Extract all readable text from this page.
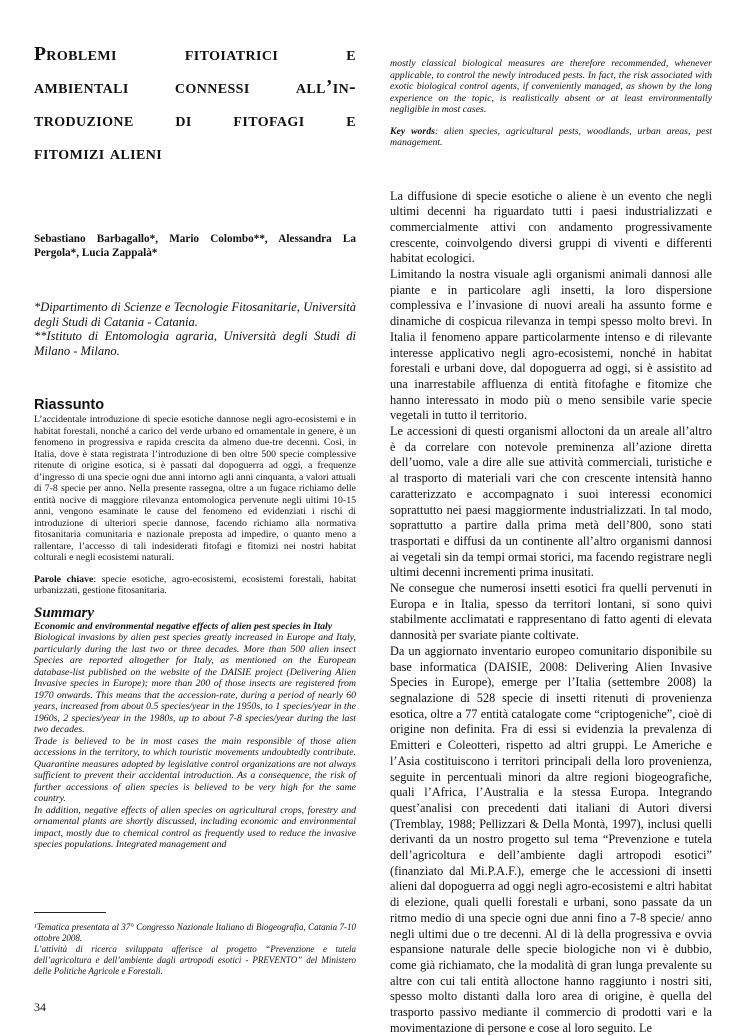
Problemi fitoiatrici e
ambientali connessi all’in-
troduzione di fitofagi e
fitomizi alieni

Sebastiano Barbagallo*, Mario Colombo**, Alessandra La Pergola*, Lucia Zappalà*

*Dipartimento di Scienze e Tecnologie Fitosanitarie, Università degli Studi di Catania - Catania.

**Istituto di Entomologia agraria, Università degli Studi di Milano - Milano.

Riassunto

L’accidentale introduzione di specie esotiche dannose negli agro-ecosistemi e in habitat forestali, nonché a carico del verde urbano ed ornamentale in genere, è un fenomeno in progressiva e rapida crescita da almeno due-tre decenni. Così, in Italia, dove è stata registrata l’introduzione di ben oltre 500 specie complessive ritenute di origine esotica, si è passati dal dopoguerra ad oggi, a frequenze d’ingresso di una specie ogni due anni intorno agli anni cinquanta, a valori attuali di 7-8 specie per anno. Nella presente rassegna, oltre a un fugace richiamo delle entità nocive di maggiore rilevanza entomologica pervenute negli ultimi 10-15 anni, vengono esaminate le cause del fenomeno ed evidenziati i rischi di introduzione di ulteriori specie dannose, facendo richiamo alla normativa fitosanitaria comunitaria e nazionale preposta ad impedire, o quanto meno a rallentare, l’accesso di tali indesiderati fitofagi e fitomizi nei nostri habitat colturali e negli ecosistemi naturali.

Parole chiave: specie esotiche, agro-ecosistemi, ecosistemi forestali, habitat urbanizzati, gestione fitosanitaria.

Summary

Economic and environmental negative effects of alien pest species in Italy

Biological invasions by alien pest species greatly increased in Europe and Italy, particularly during the last two or three decades. More than 500 alien insect Species are reported altogether for Italy, as mentioned on the European database-list published on the website of the DAISIE project (Delivering Alien Invasive species in Europe); more than 200 of those insects are registered from 1970 onwards. This means that the accession-rate, during a period of nearly 60 years, increased from about 0.5 species/year in the 1950s, to 1 species/year in the 1960s, 2 species/year in the 1980s, up to about 7-8 species/year during the last two decades.

Trade is believed to be in most cases the main responsible of those alien accessions in the territory, to which touristic movements undoubtedly contribute. Quarantine measures adopted by legislative control organizations are not always sufficient to prevent their accidental introduction. As a consequence, the risk of further accessions of alien species is believed to be very high for the same country.

In addition, negative effects of alien species on agricultural crops, forestry and ornamental plants are shortly discussed, including economic and environmental impact, mostly due to chemical control as frequently used to reduce the invasive species populations. Integrated management and

¹Tematica presentata al 37° Congresso Nazionale Italiano di Biogeografia, Catania 7-10 ottobre 2008.

L’attività di ricerca sviluppata afferisce al progetto “Prevenzione e tutela dell’agricoltura e dell’ambiente dagli artropodi esotici - PREVENTO” del Ministero delle Politiche Agricole e Forestali.

34

mostly classical biological measures are therefore recommended, whenever applicable, to control the newly introduced pests. In fact, the risk associated with exotic biological control agents, if conveniently managed, as shown by the long experience on the topic, is realistically absent or at least environmentally negligible in most cases.

Key words: alien species, agricultural pests, woodlands, urban areas, pest management.

La diffusione di specie esotiche o aliene è un evento che negli ultimi decenni ha riguardato tutti i paesi industrializzati e commercialmente attivi con andamento progressivamente crescente, coinvolgendo diversi gruppi di viventi e differenti habitat ecologici.

Limitando la nostra visuale agli organismi animali dannosi alle piante e in particolare agli insetti, la loro dispersione complessiva e l’invasione di nuovi areali ha assunto forme e dinamiche di cospicua rilevanza in tempi spesso molto brevi. In Italia il fenomeno appare particolarmente intenso e di rilevante interesse applicativo negli agro-ecosistemi, nonché in habitat forestali e urbani dove, dal dopoguerra ad oggi, si è assistito ad una inarrestabile affluenza di entità fitofaghe e fitomize che hanno interessato in modo più o meno sensibile varie specie vegetali in tutto il territorio.

Le accessioni di questi organismi alloctoni da un areale all’altro è da correlare con notevole preminenza all’azione diretta dell’uomo, vale a dire alle sue attività commerciali, turistiche e al trasporto di materiali vari che con crescente intensità hanno caratterizzato e accompagnato i suoi interessi economici soprattutto nei paesi maggiormente industrializzati. In tal modo, soprattutto a partire dalla prima metà dell’800, sono stati trasportati e diffusi da un continente all’altro organismi dannosi ai vegetali sin da tempi ormai storici, ma facendo registrare negli ultimi decenni incrementi prima inusitati.

Ne consegue che numerosi insetti esotici fra quelli pervenuti in Europa e in Italia, spesso da territori lontani, si sono quivi stabilmente acclimatati e rappresentano di fatto agenti di elevata dannosità per svariate piante coltivate.

Da un aggiornato inventario europeo comunitario disponibile su base informatica (DAISIE, 2008: Delivering Alien Invasive Species in Europe), emerge per l’Italia (settembre 2008) la segnalazione di 528 specie di insetti ritenuti di provenienza esotica, oltre a 77 entità catalogate come “criptogeniche”, cioè di origine non definita. Fra di essi si evidenzia la prevalenza di Emitteri e Coleotteri, rispetto ad altri gruppi. Le Americhe e l’Asia costituiscono i territori principali della loro provenienza, seguite in percentuali minori da altre regioni biogeografiche, quali l’Africa, l’Australia e la stessa Europa. Integrando quest’analisi con precedenti dati italiani di Autori diversi (Tremblay, 1988; Pellizzari & Della Montà, 1997), inclusi quelli derivanti da un nostro progetto sul tema “Prevenzione e tutela dell’agricoltura e dell’ambiente dagli artropodi esotici” (finanziato dal Mi.P.A.F.), emerge che le accessioni di insetti alieni dal dopoguerra ad oggi negli agro-ecosistemi e altri habitat di elezione, quali quelli forestali e urbani, sono passate da un ritmo medio di una specie ogni due anni fino a 7-8 specie/ anno negli ultimi due o tre decenni. Al di là della progressiva e ovvia espansione naturale delle specie biologiche non vi è dubbio, come già richiamato, che la modalità di gran lunga prevalente su altre con cui tali entità alloctone hanno raggiunto i nostri siti, spesso molto distanti dalla loro area di origine, è quella del trasporto passivo mediante il commercio di prodotti vari e la movimentazione di persone e cose al loro seguito. Le
